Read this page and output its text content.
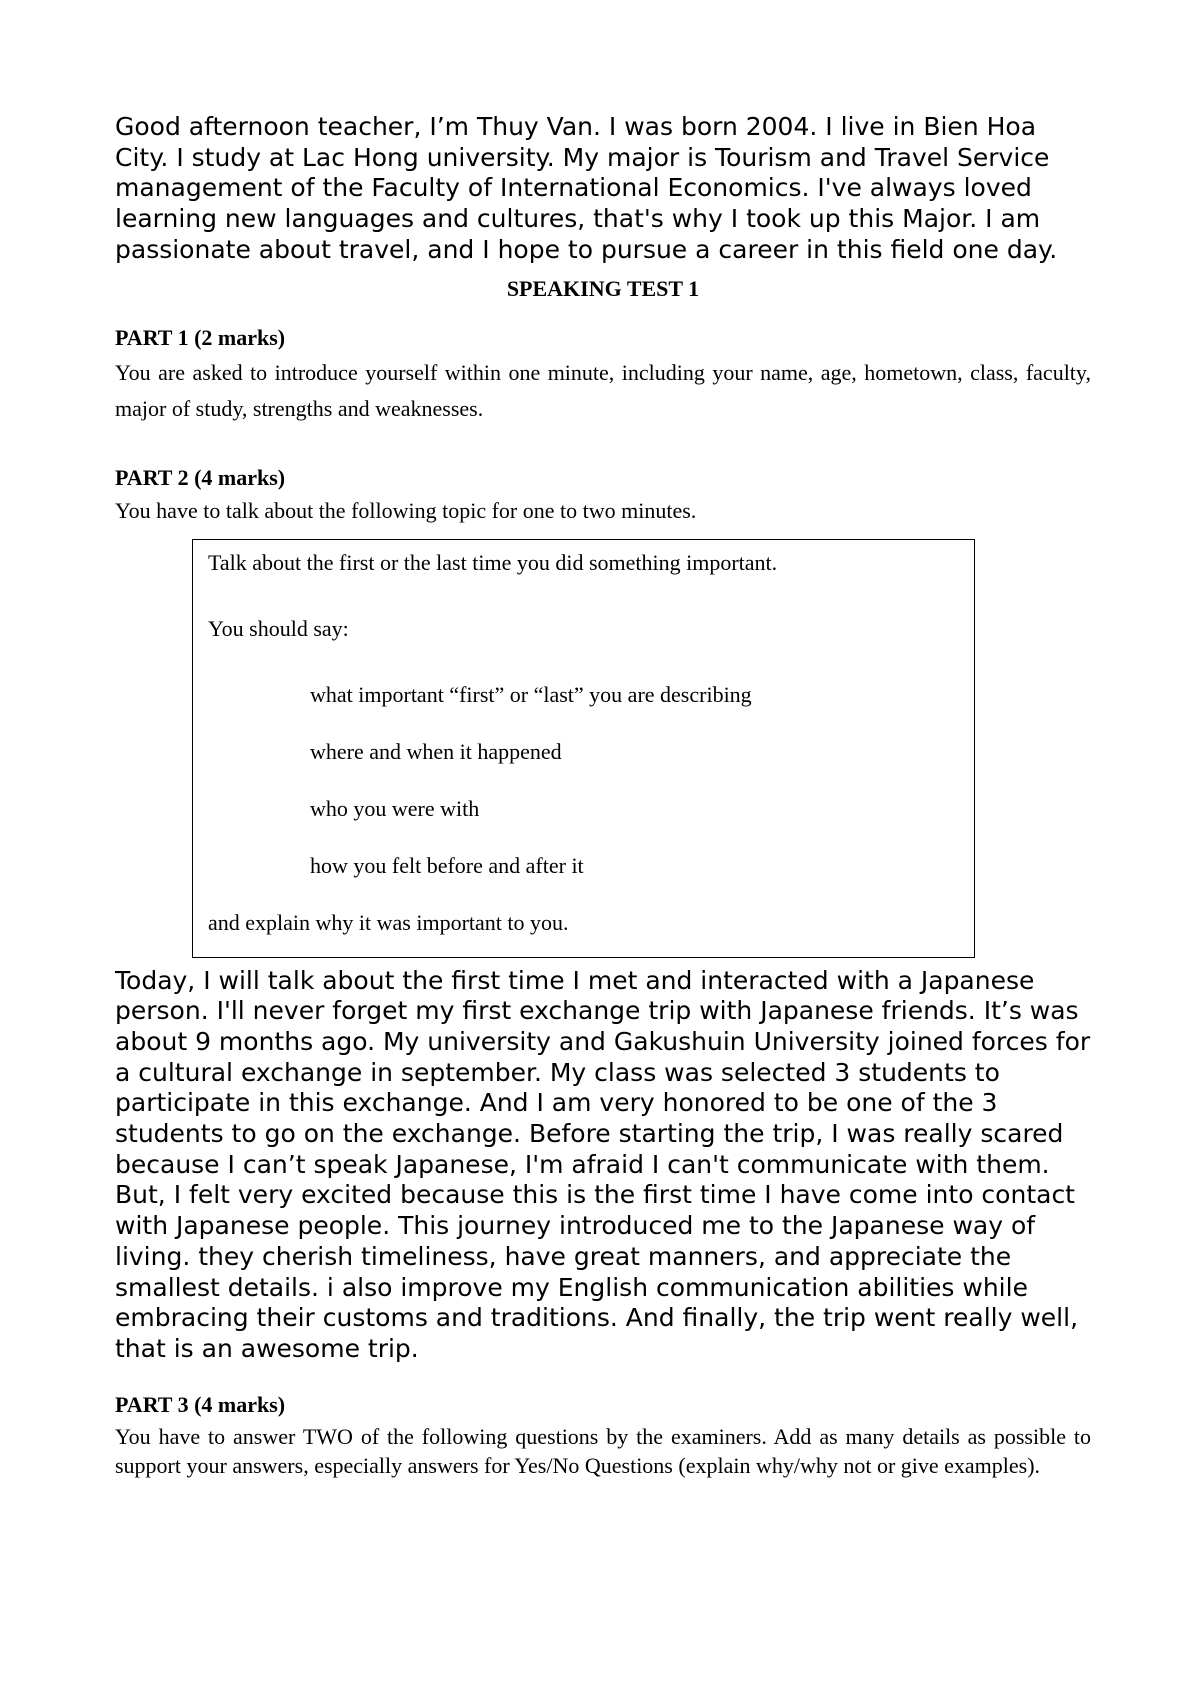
Good afternoon teacher, I’m Thuy Van. I was born 2004. I live in Bien Hoa City. I study at Lac Hong university. My major is Tourism and Travel Service management of the Faculty of International Economics. I've always loved learning new languages and cultures, that's why I took up this Major. I am passionate about travel, and I hope to pursue a career in this field one day.

SPEAKING TEST 1

PART 1 (2 marks)

You are asked to introduce yourself within one minute, including your name, age, hometown, class, faculty, major of study, strengths and weaknesses.

PART 2 (4 marks)

You have to talk about the following topic for one to two minutes.

Talk about the first or the last time you did something important.

You should say:

what important “first” or “last” you are describing

where and when it happened

who you were with

how you felt before and after it

and explain why it was important to you.

Today, I will talk about the first time I met and interacted with a Japanese person. I'll never forget my first exchange trip with Japanese friends. It’s was about 9 months ago. My university and Gakushuin University joined forces for a cultural exchange in september. My class was selected 3 students to participate in this exchange. And I am very honored to be one of the 3 students to go on the exchange. Before starting the trip, I was really scared because I can’t speak Japanese, I'm afraid I can't communicate with them. But, I felt very excited because this is the first time I have come into contact with Japanese people. This journey introduced me to the Japanese way of living. they cherish timeliness, have great manners, and appreciate the smallest details. i also improve my English communication abilities while embracing their customs and traditions. And finally, the trip went really well, that is an awesome trip.

PART 3 (4 marks)

You have to answer TWO of the following questions by the examiners. Add as many details as possible to support your answers, especially answers for Yes/No Questions (explain why/why not or give examples).
